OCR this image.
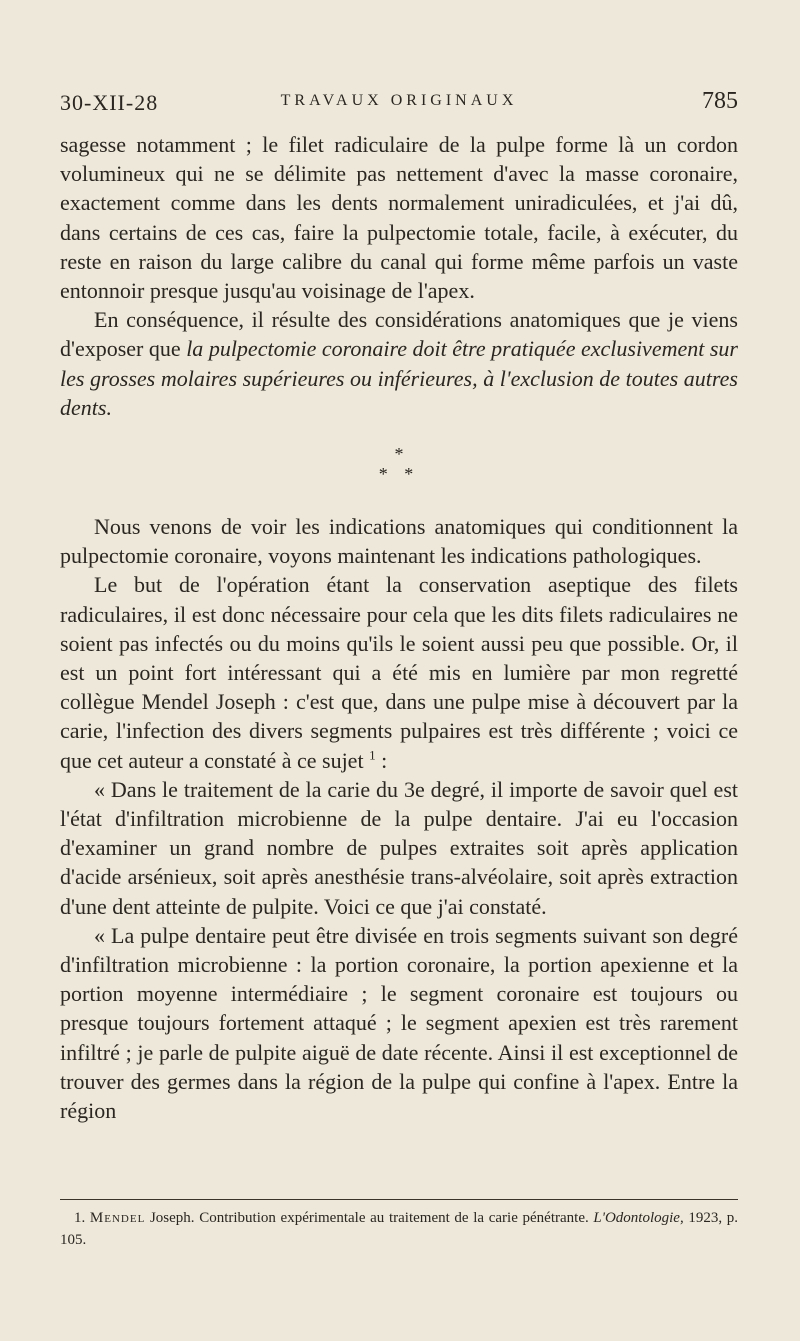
30-XII-28	TRAVAUX ORIGINAUX	785

sagesse notamment ; le filet radiculaire de la pulpe forme là un cordon volumineux qui ne se délimite pas nettement d'avec la masse coronaire, exactement comme dans les dents normalement uniradiculées, et j'ai dû, dans certains de ces cas, faire la pulpectomie totale, facile, à exécuter, du reste en raison du large calibre du canal qui forme même parfois un vaste entonnoir presque jusqu'au voisinage de l'apex.

En conséquence, il résulte des considérations anatomiques que je viens d'exposer que la pulpectomie coronaire doit être pratiquée exclusivement sur les grosses molaires supérieures ou inférieures, à l'exclusion de toutes autres dents.

*
* *

Nous venons de voir les indications anatomiques qui conditionnent la pulpectomie coronaire, voyons maintenant les indications pathologiques.

Le but de l'opération étant la conservation aseptique des filets radiculaires, il est donc nécessaire pour cela que les dits filets radiculaires ne soient pas infectés ou du moins qu'ils le soient aussi peu que possible. Or, il est un point fort intéressant qui a été mis en lumière par mon regretté collègue Mendel Joseph : c'est que, dans une pulpe mise à découvert par la carie, l'infection des divers segments pulpaires est très différente ; voici ce que cet auteur a constaté à ce sujet $^1$ :

« Dans le traitement de la carie du 3e degré, il importe de savoir quel est l'état d'infiltration microbienne de la pulpe dentaire. J'ai eu l'occasion d'examiner un grand nombre de pulpes extraites soit après application d'acide arsénieux, soit après anesthésie trans-alvéolaire, soit après extraction d'une dent atteinte de pulpite. Voici ce que j'ai constaté.

« La pulpe dentaire peut être divisée en trois segments suivant son degré d'infiltration microbienne : la portion coronaire, la portion apexienne et la portion moyenne intermédiaire ; le segment coronaire est toujours ou presque toujours fortement attaqué ; le segment apexien est très rarement infiltré ; je parle de pulpite aiguë de date récente. Ainsi il est exceptionnel de trouver des germes dans la région de la pulpe qui confine à l'apex. Entre la région

1. Mendel Joseph. Contribution expérimentale au traitement de la carie pénétrante. L'Odontologie, 1923, p. 105.
